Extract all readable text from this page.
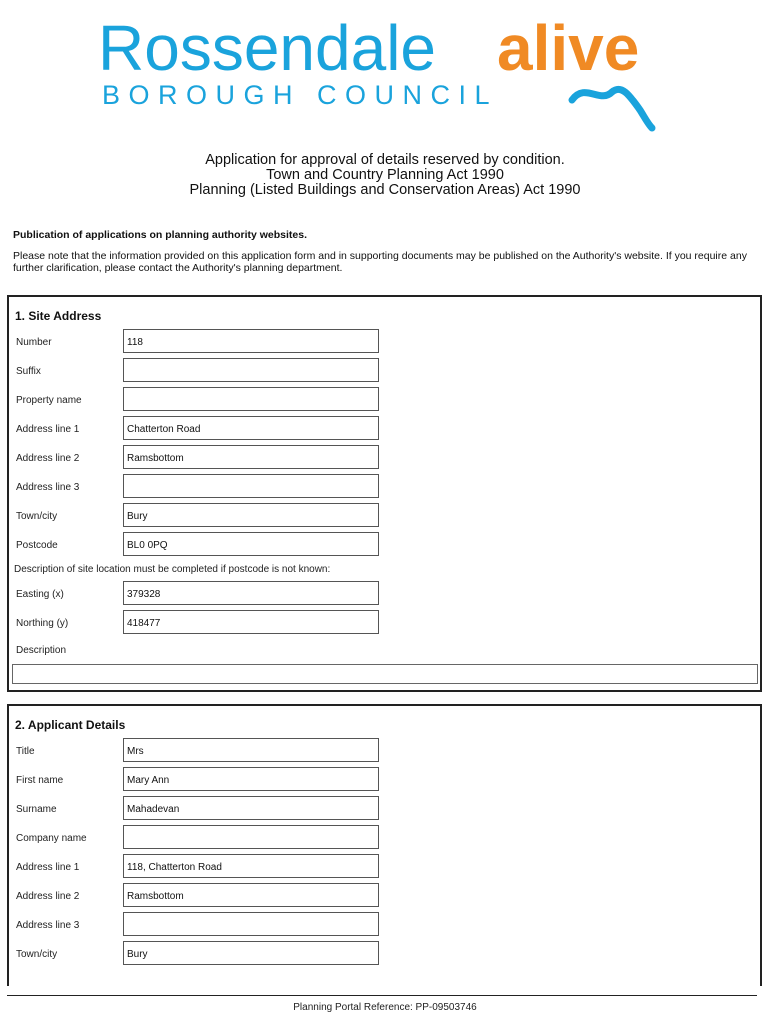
Rossendale alive
BOROUGH COUNCIL
Application for approval of details reserved by condition.
Town and Country Planning Act 1990
Planning (Listed Buildings and Conservation Areas) Act 1990
Publication of applications on planning authority websites.
Please note that the information provided on this application form and in supporting documents may be published on the Authority's website. If you require any further clarification, please contact the Authority's planning department.
1. Site Address
Number	118
Suffix
Property name
Address line 1	Chatterton Road
Address line 2	Ramsbottom
Address line 3
Town/city	Bury
Postcode	BL0 0PQ
Description of site location must be completed if postcode is not known:
Easting (x)	379328
Northing (y)	418477
Description
2. Applicant Details
Title	Mrs
First name	Mary Ann
Surname	Mahadevan
Company name
Address line 1	118, Chatterton Road
Address line 2	Ramsbottom
Address line 3
Town/city	Bury
Planning Portal Reference: PP-09503746
